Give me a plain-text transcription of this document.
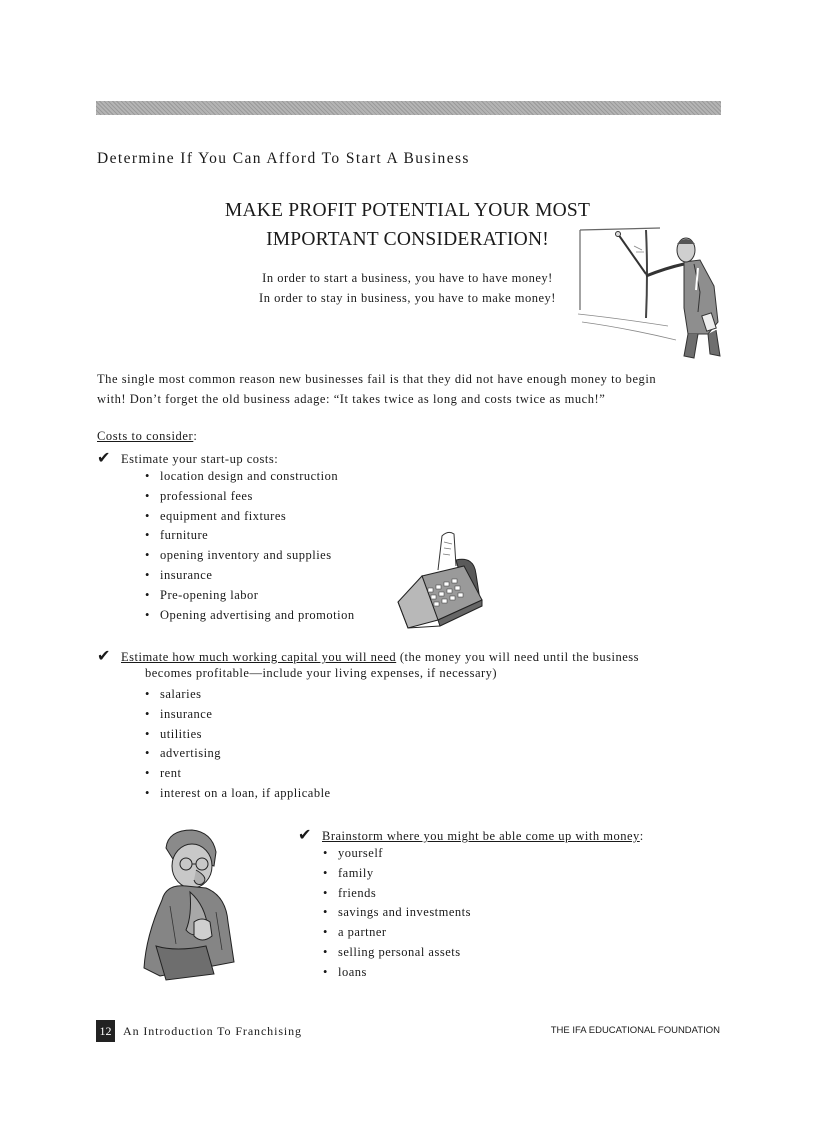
Determine If You Can Afford To Start A Business
MAKE PROFIT POTENTIAL YOUR MOST
IMPORTANT CONSIDERATION!
In order to start a business, you have to have money!
In order to stay in business, you have to make money!
The single most common reason new businesses fail is that they did not have enough money to begin
with! Don’t forget the old business adage: “It takes twice as long and costs twice as much!”
Costs to consider:
✔ Estimate your start-up costs:
• location design and construction
• professional fees
• equipment and fixtures
• furniture
• opening inventory and supplies
• insurance
• Pre-opening labor
• Opening advertising and promotion
✔ Estimate how much working capital you will need (the money you will need until the business
becomes profitable—include your living expenses, if necessary)
• salaries
• insurance
• utilities
• advertising
• rent
• interest on a loan, if applicable
✔ Brainstorm where you might be able come up with money:
• yourself
• family
• friends
• savings and investments
• a partner
• selling personal assets
• loans
12 An Introduction To Franchising	THE IFA EDUCATIONAL FOUNDATION
